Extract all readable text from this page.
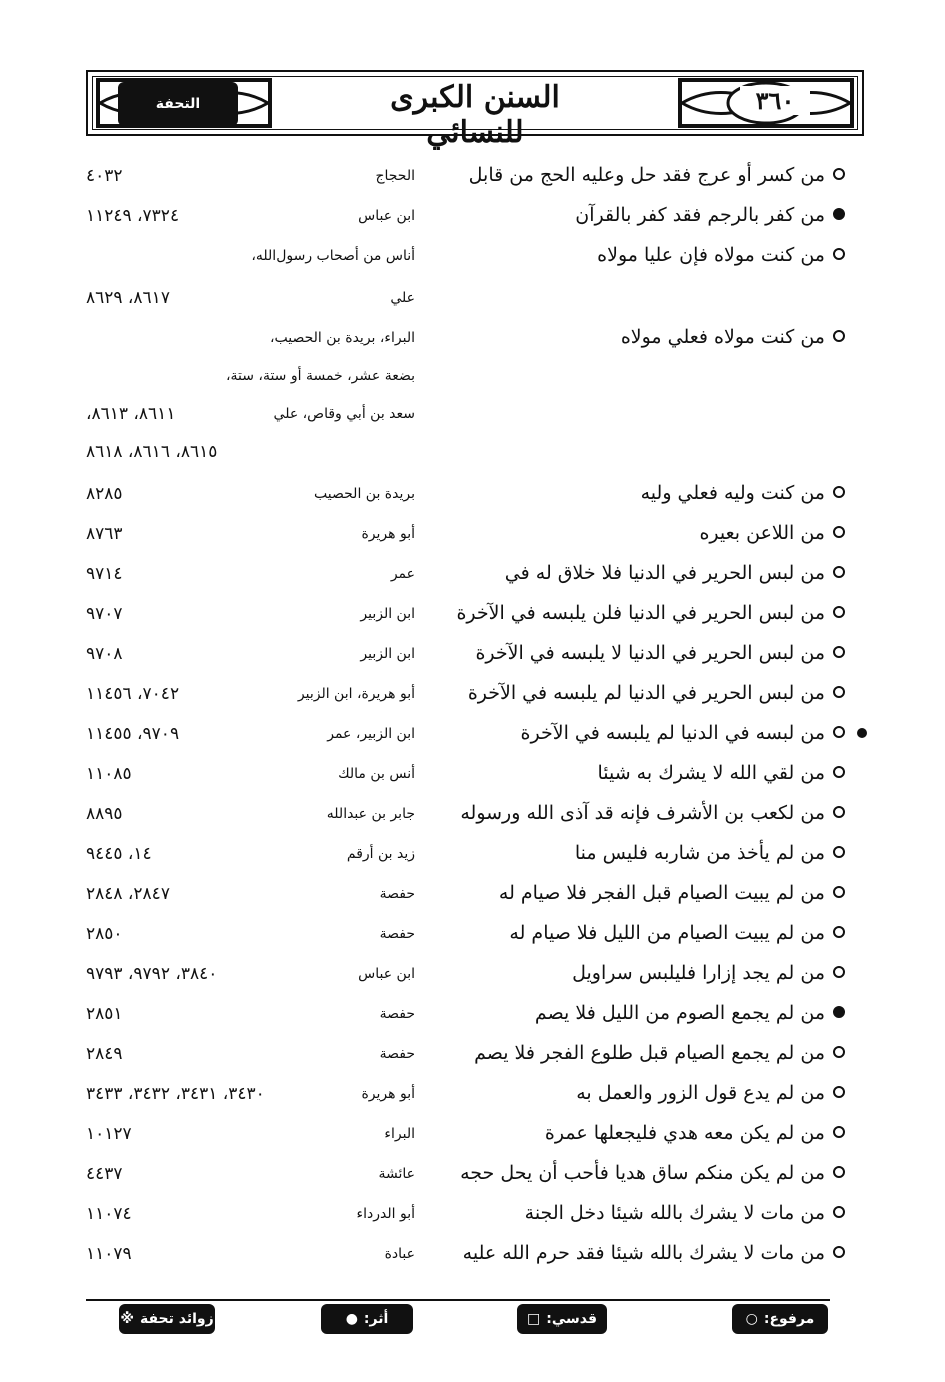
٣٦٠
السنن الكبرى للنسائي
التحفة
من كسر أو عرج فقد حل وعليه الحج من قابل
الحجاج
٤٠٣٢
من كفر بالرجم فقد كفر بالقرآن
ابن عباس
٧٣٢٤، ١١٢٤٩
من كنت مولاه فإن عليا مولاه
أناس من أصحاب رسول‌الله،
علي
٨٦١٧، ٨٦٢٩
من كنت مولاه فعلي مولاه
البراء، بريدة بن الحصيب،
بضعة عشر، خمسة أو ستة، ستة،
سعد بن أبي وقاص، علي
٨٦١١، ٨٦١٣،
٨٦١٥، ٨٦١٦، ٨٦١٨
من كنت وليه فعلي وليه
بريدة بن الحصيب
٨٢٨٥
من اللاعن بعيره
أبو هريرة
٨٧٦٣
من لبس الحرير في الدنيا فلا خلاق له في
عمر
٩٧١٤
من لبس الحرير في الدنيا فلن يلبسه في الآخرة
ابن الزبير
٩٧٠٧
من لبس الحرير في الدنيا لا يلبسه في الآخرة
ابن الزبير
٩٧٠٨
من لبس الحرير في الدنيا لم يلبسه في الآخرة
أبو هريرة، ابن الزبير
٧٠٤٢، ١١٤٥٦
من لبسه في الدنيا لم يلبسه في الآخرة
ابن الزبير، عمر
٩٧٠٩، ١١٤٥٥
من لقي الله لا يشرك به شيئا
أنس بن مالك
١١٠٨٥
من لكعب بن الأشرف فإنه قد آذى الله ورسوله
جابر بن عبدالله
٨٨٩٥
من لم يأخذ من شاربه فليس منا
زيد بن أرقم
١٤، ٩٤٤٥
من لم يبيت الصيام قبل الفجر فلا صيام له
حفصة
٢٨٤٧، ٢٨٤٨
من لم يبيت الصيام من الليل فلا صيام له
حفصة
٢٨٥٠
من لم يجد إزارا فليلبس سراويل
ابن عباس
٣٨٤٠، ٩٧٩٢، ٩٧٩٣
من لم يجمع الصوم من الليل فلا يصم
حفصة
٢٨٥١
من لم يجمع الصيام قبل طلوع الفجر فلا يصم
حفصة
٢٨٤٩
من لم يدع قول الزور والعمل به
أبو هريرة
٣٤٣٠، ٣٤٣١، ٣٤٣٢، ٣٤٣٣
من لم يكن معه هدي فليجعلها عمرة
البراء
١٠١٢٧
من لم يكن منكم ساق هديا فأحب أن يحل حجه
عائشة
٤٤٣٧
من مات لا يشرك بالله شيئا دخل الجنة
أبو الدرداء
١١٠٧٤
من مات لا يشرك بالله شيئا فقد حرم الله عليه
عبادة
١١٠٧٩
مرفوع:○
قدسي:□
أثر:●
زوائد تحفة※
